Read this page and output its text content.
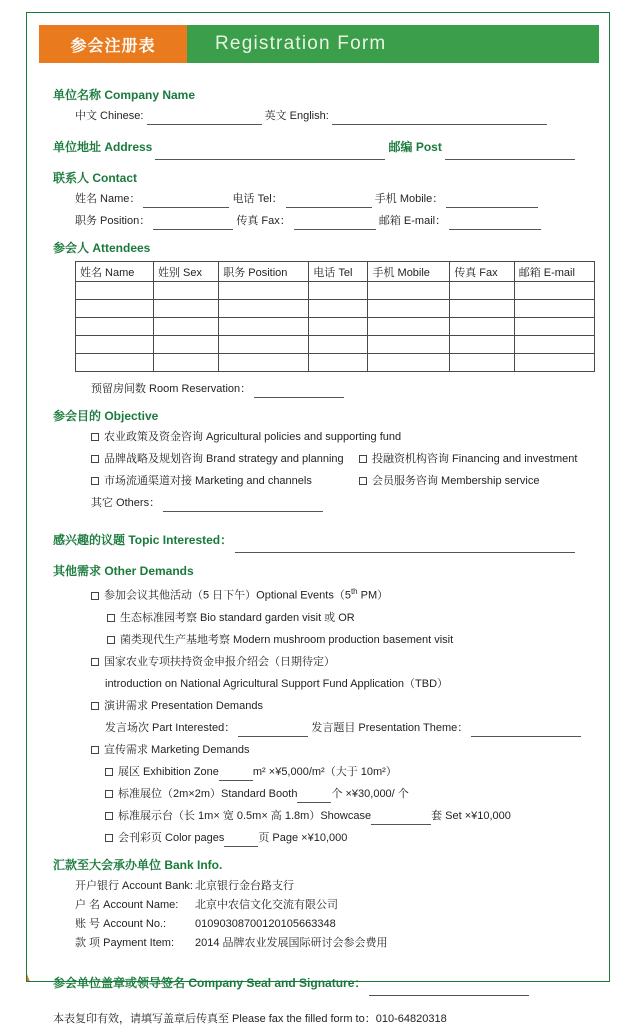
参会注册表	Registration Form
单位名称 Company Name
中文 Chinese:	英文 English:
单位地址 Address	邮编 Post
联系人 Contact
姓名 Name：	电话 Tel：	手机 Mobile：
职务 Position：	传真 Fax：	邮箱 E-mail：
参会人 Attendees
姓名 Name	姓别 Sex	职务 Position	电话 Tel	手机 Mobile	传真 Fax	邮箱 E-mail

预留房间数 Room Reservation：
参会目的 Objective
农业政策及资金咨询 Agricultural policies and supporting fund
品牌战略及规划咨询 Brand strategy and planning	投融资机构咨询 Financing and investment
市场流通渠道对接 Marketing and channels	会员服务咨询 Membership service
其它 Others：
感兴趣的议题 Topic Interested：
其他需求 Other Demands
参加会议其他活动（5 日下午）Optional Events（5th PM）
生态标准园考察 Bio standard garden visit 或 OR
菌类现代生产基地考察 Modern mushroom production basement visit
国家农业专项扶持资金申报介绍会（日期待定）
introduction on National Agricultural Support Fund Application（TBD）
演讲需求 Presentation Demands
发言场次 Part Interested：	发言题目 Presentation Theme：
宣传需求 Marketing Demands
展区 Exhibition Zone	m² ×¥5,000/m²（大于 10m²）
标准展位（2m×2m）Standard Booth	个 ×¥30,000/ 个
标准展示台（长 1m× 宽 0.5m× 高 1.8m）Showcase	套 Set ×¥10,000
会刊彩页 Color pages	页 Page ×¥10,000
汇款至大会承办单位 Bank Info.
开户银行 Account Bank: 北京银行金台路支行
户 名 Account Name:	北京中农信文化交流有限公司
账 号 Account No.:	01090308700120105663348
款 项 Payment Item:	2014 品牌农业发展国际研讨会参会费用
参会单位盖章或领导签名 Company Seal and Signature：
本表复印有效，请填写盖章后传真至 Please fax the filled form to：010-64820318
